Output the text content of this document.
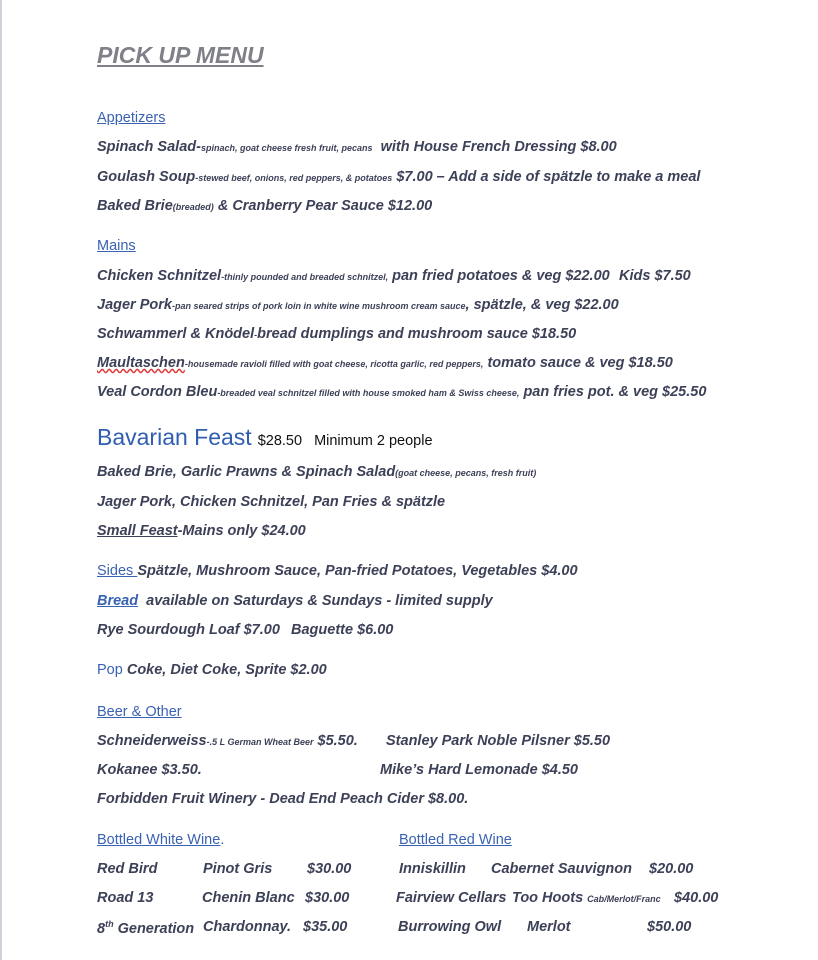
PICK UP MENU
Appetizers
Spinach Salad-spinach, goat cheese fresh fruit, pecans with House French Dressing $8.00
Goulash Soup-stewed beef, onions, red peppers, & potatoes $7.00 – Add a side of spätzle to make a meal
Baked Brie(breaded) & Cranberry Pear Sauce $12.00
Mains
Chicken Schnitzel-thinly pounded and breaded schnitzel, pan fried potatoes & veg $22.00 Kids $7.50
Jager Pork-pan seared strips of pork loin in white wine mushroom cream sauce, spätzle, & veg $22.00
Schwammerl & Knödel-bread dumplings and mushroom sauce $18.50
Maultaschen-housemade ravioli filled with goat cheese, ricotta garlic, red peppers, tomato sauce & veg $18.50
Veal Cordon Bleu-breaded veal schnitzel filled with house smoked ham & Swiss cheese, pan fries pot. & veg $25.50
Bavarian Feast $28.50 Minimum 2 people
Baked Brie, Garlic Prawns & Spinach Salad(goat cheese, pecans, fresh fruit)
Jager Pork, Chicken Schnitzel, Pan Fries & spätzle
Small Feast-Mains only $24.00
Sides Spätzle, Mushroom Sauce, Pan-fried Potatoes, Vegetables $4.00
Bread available on Saturdays & Sundays - limited supply
Rye Sourdough Loaf $7.00 Baguette $6.00
Pop Coke, Diet Coke, Sprite $2.00
Beer & Other
Schneiderweiss-.5 L German Wheat Beer $5.50. Stanley Park Noble Pilsner $5.50
Kokanee $3.50.	Mike’s Hard Lemonade $4.50
Forbidden Fruit Winery - Dead End Peach Cider $8.00.
Bottled White Wine.
Red Bird	Pinot Gris $30.00
Road 13	Chenin Blanc $30.00
8th Generation Chardonnay. $35.00
Bottled Red Wine
Inniskillin Cabernet Sauvignon $20.00
Fairview Cellars Too Hoots Cab/Merlot/Franc $40.00
Burrowing Owl Merlot	$50.00
